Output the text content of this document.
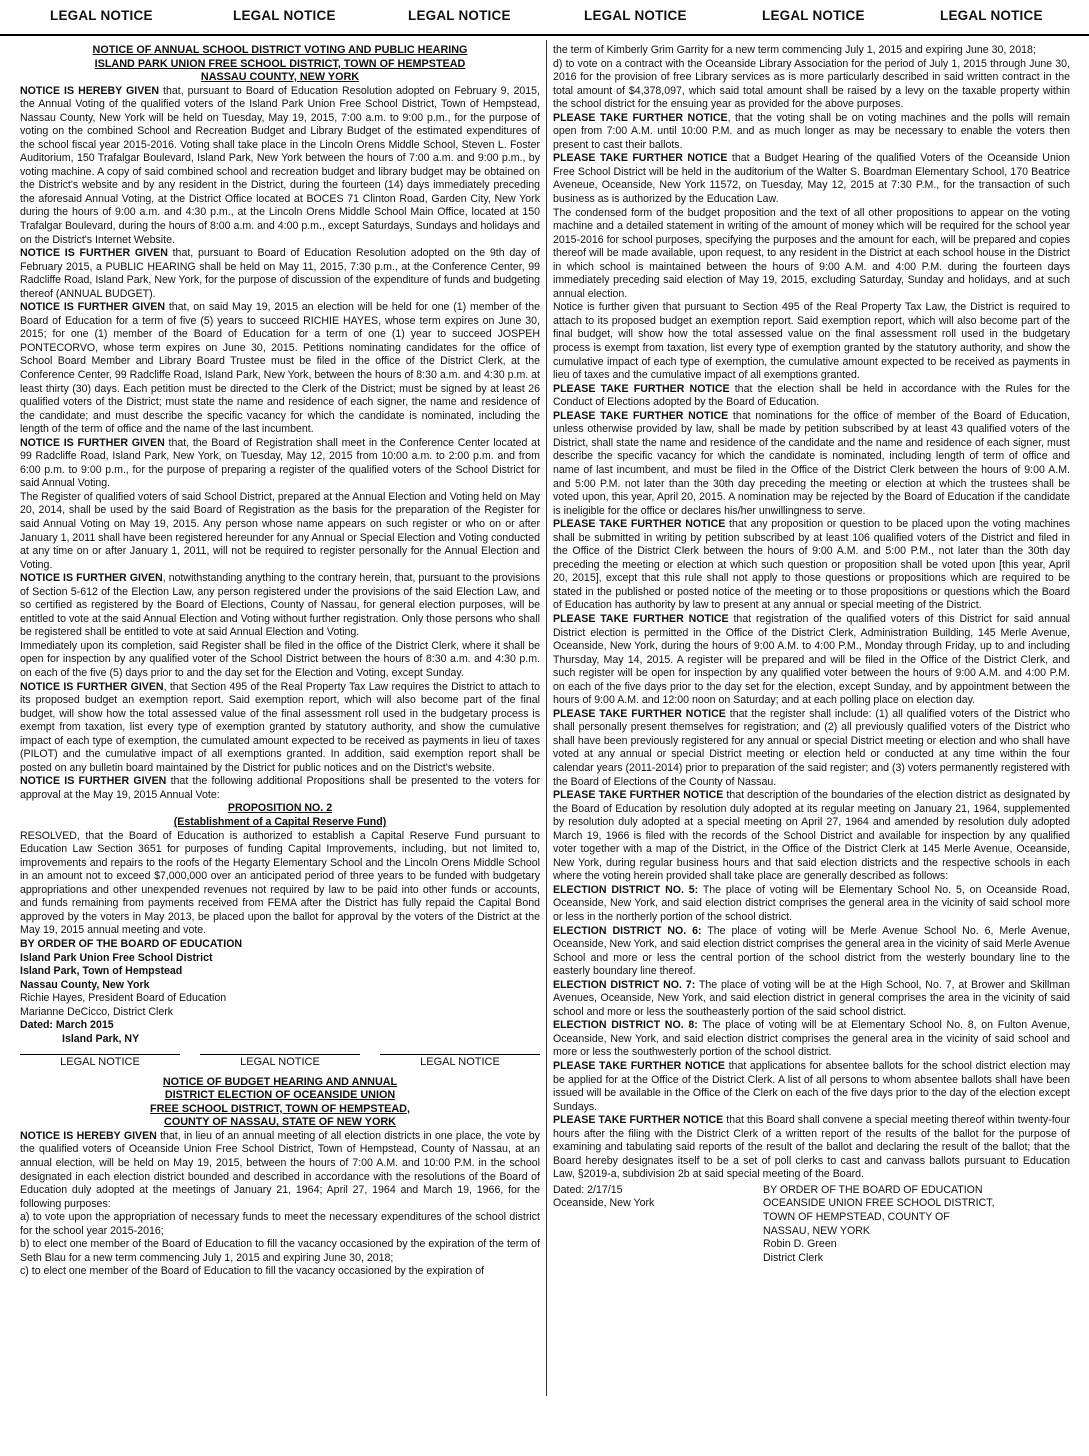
LEGAL NOTICE	LEGAL NOTICE	LEGAL NOTICE	LEGAL NOTICE	LEGAL NOTICE	LEGAL NOTICE

NOTICE OF ANNUAL SCHOOL DISTRICT VOTING AND PUBLIC HEARING

ISLAND PARK UNION FREE SCHOOL DISTRICT, TOWN OF HEMPSTEAD

NASSAU COUNTY, NEW YORK

NOTICE IS HEREBY GIVEN that, pursuant to Board of Education Resolution adopted on February 9, 2015, the Annual Voting of the qualified voters of the Island Park Union Free School District, Town of Hempstead, Nassau County, New York will be held on Tuesday, May 19, 2015, 7:00 a.m. to 9:00 p.m., for the purpose of voting on the combined School and Recreation Budget and Library Budget of the estimated expenditures of the school fiscal year 2015-2016. Voting shall take place in the Lincoln Orens Middle School, Steven L. Foster Auditorium, 150 Trafalgar Boulevard, Island Park, New York between the hours of 7:00 a.m. and 9:00 p.m., by voting machine. A copy of said combined school and recreation budget and library budget may be obtained on the District's website and by any resident in the District, during the fourteen (14) days immediately preceding the aforesaid Annual Voting, at the District Office located at BOCES 71 Clinton Road, Garden City, New York during the hours of 9:00 a.m. and 4:30 p.m., at the Lincoln Orens Middle School Main Office, located at 150 Trafalgar Boulevard, during the hours of 8:00 a.m. and 4:00 p.m., except Saturdays, Sundays and holidays and on the District's Internet Website.

NOTICE IS FURTHER GIVEN that, pursuant to Board of Education Resolution adopted on the 9th day of February 2015, a PUBLIC HEARING shall be held on May 11, 2015, 7:30 p.m., at the Conference Center, 99 Radcliffe Road, Island Park, New York, for the purpose of discussion of the expenditure of funds and budgeting thereof (ANNUAL BUDGET).

NOTICE IS FURTHER GIVEN that, on said May 19, 2015 an election will be held for one (1) member of the Board of Education for a term of five (5) years to succeed RICHIE HAYES, whose term expires on June 30, 2015; for one (1) member of the Board of Education for a term of one (1) year to succeed JOSPEH PONTECORVO, whose term expires on June 30, 2015. Petitions nominating candidates for the office of School Board Member and Library Board Trustee must be filed in the office of the District Clerk, at the Conference Center, 99 Radcliffe Road, Island Park, New York, between the hours of 8:30 a.m. and 4:30 p.m. at least thirty (30) days. Each petition must be directed to the Clerk of the District; must be signed by at least 26 qualified voters of the District; must state the name and residence of each signer, the name and residence of the candidate; and must describe the specific vacancy for which the candidate is nominated, including the length of the term of office and the name of the last incumbent.

NOTICE IS FURTHER GIVEN that, the Board of Registration shall meet in the Conference Center located at 99 Radcliffe Road, Island Park, New York, on Tuesday, May 12, 2015 from 10:00 a.m. to 2:00 p.m. and from 6:00 p.m. to 9:00 p.m., for the purpose of preparing a register of the qualified voters of the School District for said Annual Voting.

The Register of qualified voters of said School District, prepared at the Annual Election and Voting held on May 20, 2014, shall be used by the said Board of Registration as the basis for the preparation of the Register for said Annual Voting on May 19, 2015. Any person whose name appears on such register or who on or after January 1, 2011 shall have been registered hereunder for any Annual or Special Election and Voting conducted at any time on or after January 1, 2011, will not be required to register personally for the Annual Election and Voting.

NOTICE IS FURTHER GIVEN, notwithstanding anything to the contrary herein, that, pursuant to the provisions of Section 5-612 of the Election Law, any person registered under the provisions of the said Election Law, and so certified as registered by the Board of Elections, County of Nassau, for general election purposes, will be entitled to vote at the said Annual Election and Voting without further registration. Only those persons who shall be registered shall be entitled to vote at said Annual Election and Voting.

Immediately upon its completion, said Register shall be filed in the office of the District Clerk, where it shall be open for inspection by any qualified voter of the School District between the hours of 8:30 a.m. and 4:30 p.m. on each of the five (5) days prior to and the day set for the Election and Voting, except Sunday.

NOTICE IS FURTHER GIVEN, that Section 495 of the Real Property Tax Law requires the District to attach to its proposed budget an exemption report. Said exemption report, which will also become part of the final budget, will show how the total assessed value of the final assessment roll used in the budgetary process is exempt from taxation, list every type of exemption granted by statutory authority, and show the cumulative impact of each type of exemption, the cumulated amount expected to be received as payments in lieu of taxes (PILOT) and the cumulative impact of all exemptions granted. In addition, said exemption report shall be posted on any bulletin board maintained by the District for public notices and on the District's website.

NOTICE IS FURTHER GIVEN that the following additional Propositions shall be presented to the voters for approval at the May 19, 2015 Annual Vote:

PROPOSITION NO. 2

(Establishment of a Capital Reserve Fund)

RESOLVED, that the Board of Education is authorized to establish a Capital Reserve Fund pursuant to Education Law Section 3651 for purposes of funding Capital Improvements, including, but not limited to, improvements and repairs to the roofs of the Hegarty Elementary School and the Lincoln Orens Middle School in an amount not to exceed $7,000,000 over an anticipated period of three years to be funded with budgetary appropriations and other unexpended revenues not required by law to be paid into other funds or accounts, and funds remaining from payments received from FEMA after the District has fully repaid the Capital Bond approved by the voters in May 2013, be placed upon the ballot for approval by the voters of the District at the May 19, 2015 annual meeting and vote.

BY ORDER OF THE BOARD OF EDUCATION

Island Park Union Free School District

Island Park, Town of Hempstead

Nassau County, New York

Richie Hayes, President Board of Education

Marianne DeCicco, District Clerk

Dated: March 2015

Island Park, NY

LEGAL NOTICE	LEGAL NOTICE	LEGAL NOTICE

NOTICE OF BUDGET HEARING AND ANNUAL

DISTRICT ELECTION OF OCEANSIDE UNION

FREE SCHOOL DISTRICT, TOWN OF HEMPSTEAD,

COUNTY OF NASSAU, STATE OF NEW YORK

NOTICE IS HEREBY GIVEN that, in lieu of an annual meeting of all election districts in one place, the vote by the qualified voters of Oceanside Union Free School District, Town of Hempstead, County of Nassau, at an annual election, will be held on May 19, 2015, between the hours of 7:00 A.M. and 10:00 P.M. in the school designated in each election district bounded and described in accordance with the resolutions of the Board of Education duly adopted at the meetings of January 21, 1964; April 27, 1964 and March 19, 1966, for the following purposes:

a) to vote upon the appropriation of necessary funds to meet the necessary expenditures of the school district for the school year 2015-2016;

b) to elect one member of the Board of Education to fill the vacancy occasioned by the expiration of the term of Seth Blau for a new term commencing July 1, 2015 and expiring June 30, 2018;

c) to elect one member of the Board of Education to fill the vacancy occasioned by the expiration of

the term of Kimberly Grim Garrity for a new term commencing July 1, 2015 and expiring June 30, 2018;

d) to vote on a contract with the Oceanside Library Association for the period of July 1, 2015 through June 30, 2016 for the provision of free Library services as is more particularly described in said written contract in the total amount of $4,378,097, which said total amount shall be raised by a levy on the taxable property within the school district for the ensuing year as provided for the above purposes.

PLEASE TAKE FURTHER NOTICE, that the voting shall be on voting machines and the polls will remain open from 7:00 A.M. until 10:00 P.M. and as much longer as may be necessary to enable the voters then present to cast their ballots.

PLEASE TAKE FURTHER NOTICE that a Budget Hearing of the qualified Voters of the Oceanside Union Free School District will be held in the auditorium of the Walter S. Boardman Elementary School, 170 Beatrice Aveneue, Oceanside, New York 11572, on Tuesday, May 12, 2015 at 7:30 P.M., for the transaction of such business as is authorized by the Education Law.

The condensed form of the budget proposition and the text of all other propositions to appear on the voting machine and a detailed statement in writing of the amount of money which will be required for the school year 2015-2016 for school purposes, specifying the purposes and the amount for each, will be prepared and copies thereof will be made available, upon request, to any resident in the District at each school house in the District in which school is maintained between the hours of 9:00 A.M. and 4:00 P.M. during the fourteen days immediately preceding said election of May 19, 2015, excluding Saturday, Sunday and holidays, and at such annual election.

Notice is further given that pursuant to Section 495 of the Real Property Tax Law, the District is required to attach to its proposed budget an exemption report. Said exemption report, which will also become part of the final budget, will show how the total assessed value on the final assessment roll used in the budgetary process is exempt from taxation, list every type of exemption granted by the statutory authority, and show the cumulative impact of each type of exemption, the cumulative amount expected to be received as payments in lieu of taxes and the cumulative impact of all exemptions granted.

PLEASE TAKE FURTHER NOTICE that the election shall be held in accordance with the Rules for the Conduct of Elections adopted by the Board of Education.

PLEASE TAKE FURTHER NOTICE that nominations for the office of member of the Board of Education, unless otherwise provided by law, shall be made by petition subscribed by at least 43 qualified voters of the District, shall state the name and residence of the candidate and the name and residence of each signer, must describe the specific vacancy for which the candidate is nominated, including length of term of office and name of last incumbent, and must be filed in the Office of the District Clerk between the hours of 9:00 A.M. and 5:00 P.M. not later than the 30th day preceding the meeting or election at which the trustees shall be voted upon, this year, April 20, 2015. A nomination may be rejected by the Board of Education if the candidate is ineligible for the office or declares his/her unwillingness to serve.

PLEASE TAKE FURTHER NOTICE that any proposition or question to be placed upon the voting machines shall be submitted in writing by petition subscribed by at least 106 qualified voters of the District and filed in the Office of the District Clerk between the hours of 9:00 A.M. and 5:00 P.M., not later than the 30th day preceding the meeting or election at which such question or proposition shall be voted upon [this year, April 20, 2015], except that this rule shall not apply to those questions or propositions which are required to be stated in the published or posted notice of the meeting or to those propositions or questions which the Board of Education has authority by law to present at any annual or special meeting of the District.

PLEASE TAKE FURTHER NOTICE that registration of the qualified voters of this District for said annual District election is permitted in the Office of the District Clerk, Administration Building, 145 Merle Avenue, Oceanside, New York, during the hours of 9:00 A.M. to 4:00 P.M., Monday through Friday, up to and including Thursday, May 14, 2015. A register will be prepared and will be filed in the Office of the District Clerk, and such register will be open for inspection by any qualified voter between the hours of 9:00 A.M. and 4:00 P.M. on each of the five days prior to the day set for the election, except Sunday, and by appointment between the hours of 9:00 A.M. and 12:00 noon on Saturday; and at each polling place on election day.

PLEASE TAKE FURTHER NOTICE that the register shall include: (1) all qualified voters of the District who shall personally present themselves for registration; and (2) all previously qualified voters of the District who shall have been previously registered for any annual or special District meeting or election and who shall have voted at any annual or special District meeting or election held or conducted at any time within the four calendar years (2011-2014) prior to preparation of the said register; and (3) voters permanently registered with the Board of Elections of the County of Nassau.

PLEASE TAKE FURTHER NOTICE that description of the boundaries of the election district as designated by the Board of Education by resolution duly adopted at its regular meeting on January 21, 1964, supplemented by resolution duly adopted at a special meeting on April 27, 1964 and amended by resolution duly adopted March 19, 1966 is filed with the records of the School District and available for inspection by any qualified voter together with a map of the District, in the Office of the District Clerk at 145 Merle Avenue, Oceanside, New York, during regular business hours and that said election districts and the respective schools in each where the voting herein provided shall take place are generally described as follows:

ELECTION DISTRICT NO. 5: The place of voting will be Elementary School No. 5, on Oceanside Road, Oceanside, New York, and said election district comprises the general area in the vicinity of said school more or less in the northerly portion of the school district.

ELECTION DISTRICT NO. 6: The place of voting will be Merle Avenue School No. 6, Merle Avenue, Oceanside, New York, and said election district comprises the general area in the vicinity of said Merle Avenue School and more or less the central portion of the school district from the westerly boundary line to the easterly boundary line thereof.

ELECTION DISTRICT NO. 7: The place of voting will be at the High School, No. 7, at Brower and Skillman Avenues, Oceanside, New York, and said election district in general comprises the area in the vicinity of said school and more or less the southeasterly portion of the said school district.

ELECTION DISTRICT NO. 8: The place of voting will be at Elementary School No. 8, on Fulton Avenue, Oceanside, New York, and said election district comprises the general area in the vicinity of said school and more or less the southwesterly portion of the school district.

PLEASE TAKE FURTHER NOTICE that applications for absentee ballots for the school district election may be applied for at the Office of the District Clerk. A list of all persons to whom absentee ballots shall have been issued will be available in the Office of the Clerk on each of the five days prior to the day of the election except Sundays.

PLEASE TAKE FURTHER NOTICE that this Board shall convene a special meeting thereof within twenty-four hours after the filing with the District Clerk of a written report of the results of the ballot for the purpose of examining and tabulating said reports of the result of the ballot and declaring the result of the ballot; that the Board hereby designates itself to be a set of poll clerks to cast and canvass ballots pursuant to Education Law, §2019-a, subdivision 2b at said special meeting of the Board.

Dated: 2/17/15

Oceanside, New York

BY ORDER OF THE BOARD OF EDUCATION

OCEANSIDE UNION FREE SCHOOL DISTRICT,

TOWN OF HEMPSTEAD, COUNTY OF

NASSAU, NEW YORK

Robin D. Green

District Clerk
